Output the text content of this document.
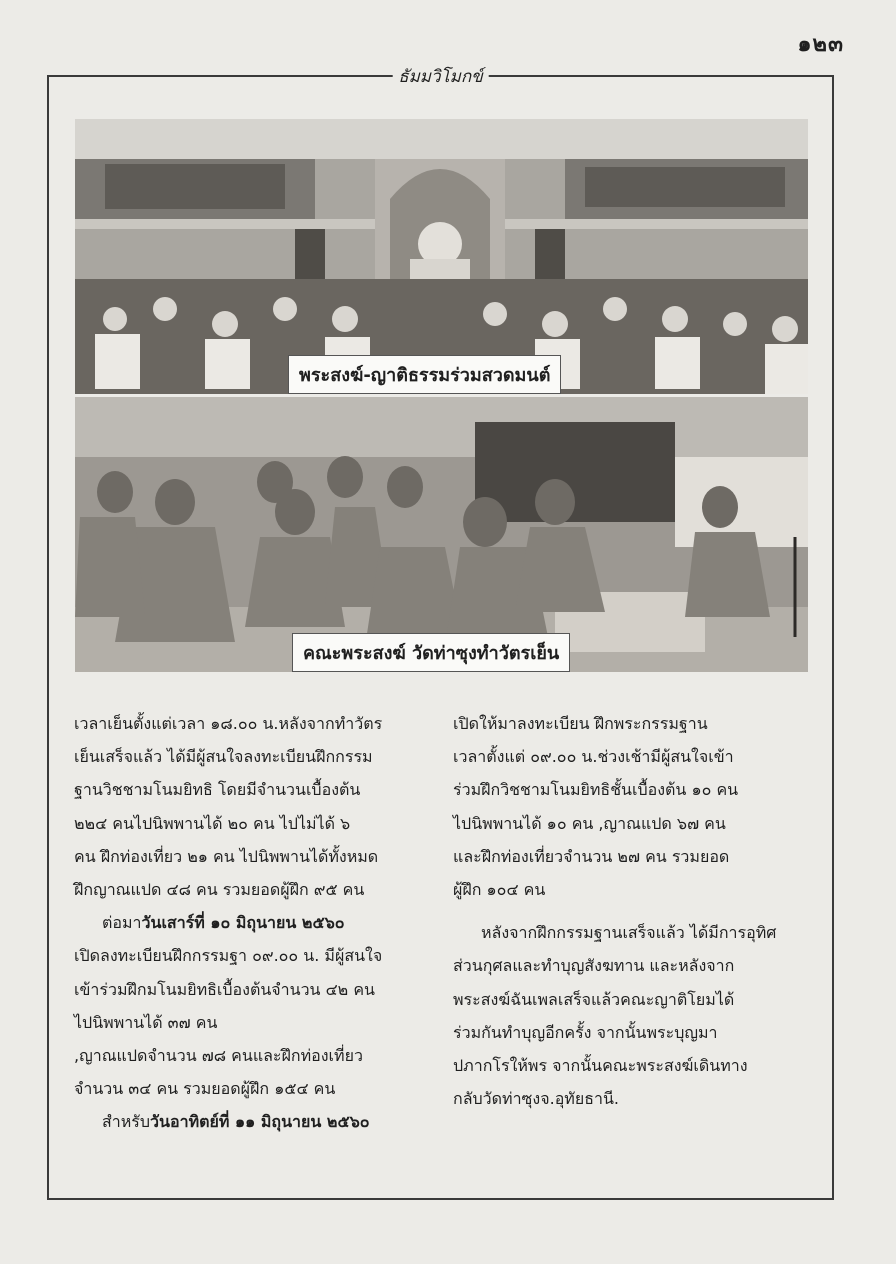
๑๒๓
ธัมมวิโมกข์
พระสงฆ์-ญาติธรรมร่วมสวดมนต์
คณะพระสงฆ์ วัดท่าซุงทำวัตรเย็น

เวลาเย็นตั้งแต่เวลา ๑๘.๐๐ น.หลังจากทำวัตร

เย็นเสร็จแล้ว ได้มีผู้สนใจลงทะเบียนฝึกกรรม

ฐานวิชชามโนมยิทธิ โดยมีจำนวนเบื้องต้น

๒๒๔ คนไปนิพพานได้ ๒๐ คน ไปไม่ได้ ๖

คน ฝึกท่องเที่ยว ๒๑ คน ไปนิพพานได้ทั้งหมด

ฝึกญาณแปด ๔๘ คน รวมยอดผู้ฝึก ๙๕ คน

ต่อมาวันเสาร์ที่ ๑๐ มิถุนายน ๒๕๖๐

เปิดลงทะเบียนฝึกกรรมฐา ๐๙.๐๐ น. มีผู้สนใจ

เข้าร่วมฝึกมโนมยิทธิเบื้องต้นจำนวน ๔๒ คน

ไปนิพพานได้ ๓๗ คน

,ญาณแปดจำนวน ๗๘ คนและฝึกท่องเที่ยว

จำนวน ๓๔ คน รวมยอดผู้ฝึก ๑๕๔ คน

สำหรับวันอาทิตย์ที่ ๑๑ มิถุนายน ๒๕๖๐

เปิดให้มาลงทะเบียน ฝึกพระกรรมฐาน

เวลาตั้งแต่ ๐๙.๐๐ น.ช่วงเช้ามีผู้สนใจเข้า

ร่วมฝึกวิชชามโนมยิทธิชั้นเบื้องต้น ๑๐ คน

ไปนิพพานได้ ๑๐ คน ,ญาณแปด ๖๗ คน

และฝึกท่องเที่ยวจำนวน ๒๗ คน รวมยอด

ผู้ฝึก ๑๐๔ คน

หลังจากฝึกกรรมฐานเสร็จแล้ว ได้มีการอุทิศ

ส่วนกุศลและทำบุญสังฆทาน และหลังจาก

พระสงฆ์ฉันเพลเสร็จแล้วคณะญาติโยมได้

ร่วมกันทำบุญอีกครั้ง จากนั้นพระบุญมา

ปภากโรให้พร จากนั้นคณะพระสงฆ์เดินทาง

กลับวัดท่าซุงจ.อุทัยธานี.
